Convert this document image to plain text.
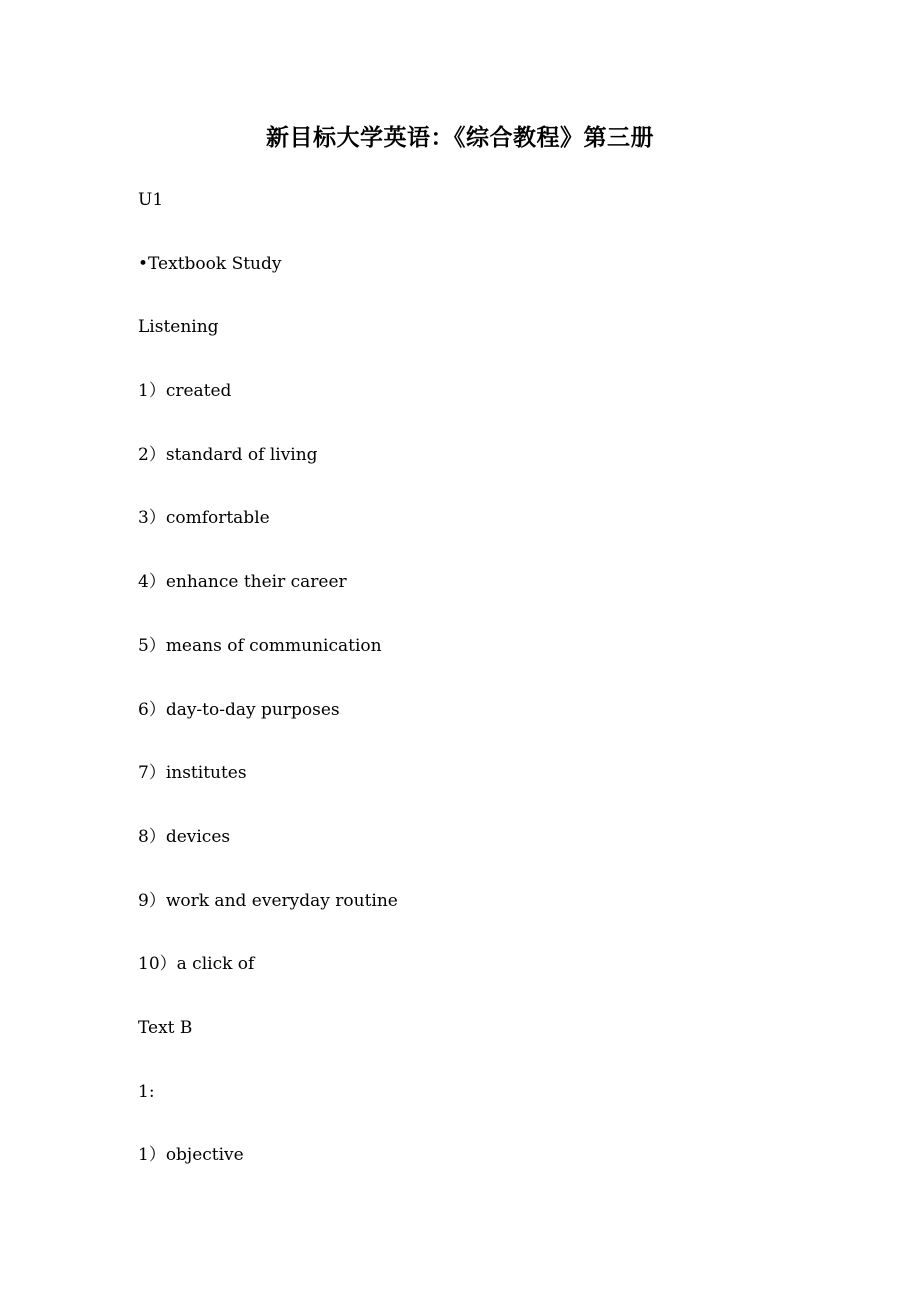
新目标大学英语：《综合教程》第三册
U1
•Textbook Study
Listening
1）created
2）standard of living
3）comfortable
4）enhance their career
5）means of communication
6）day-to-day purposes
7）institutes
8）devices
9）work and everyday routine
10）a click of
Text B
1:
1）objective
